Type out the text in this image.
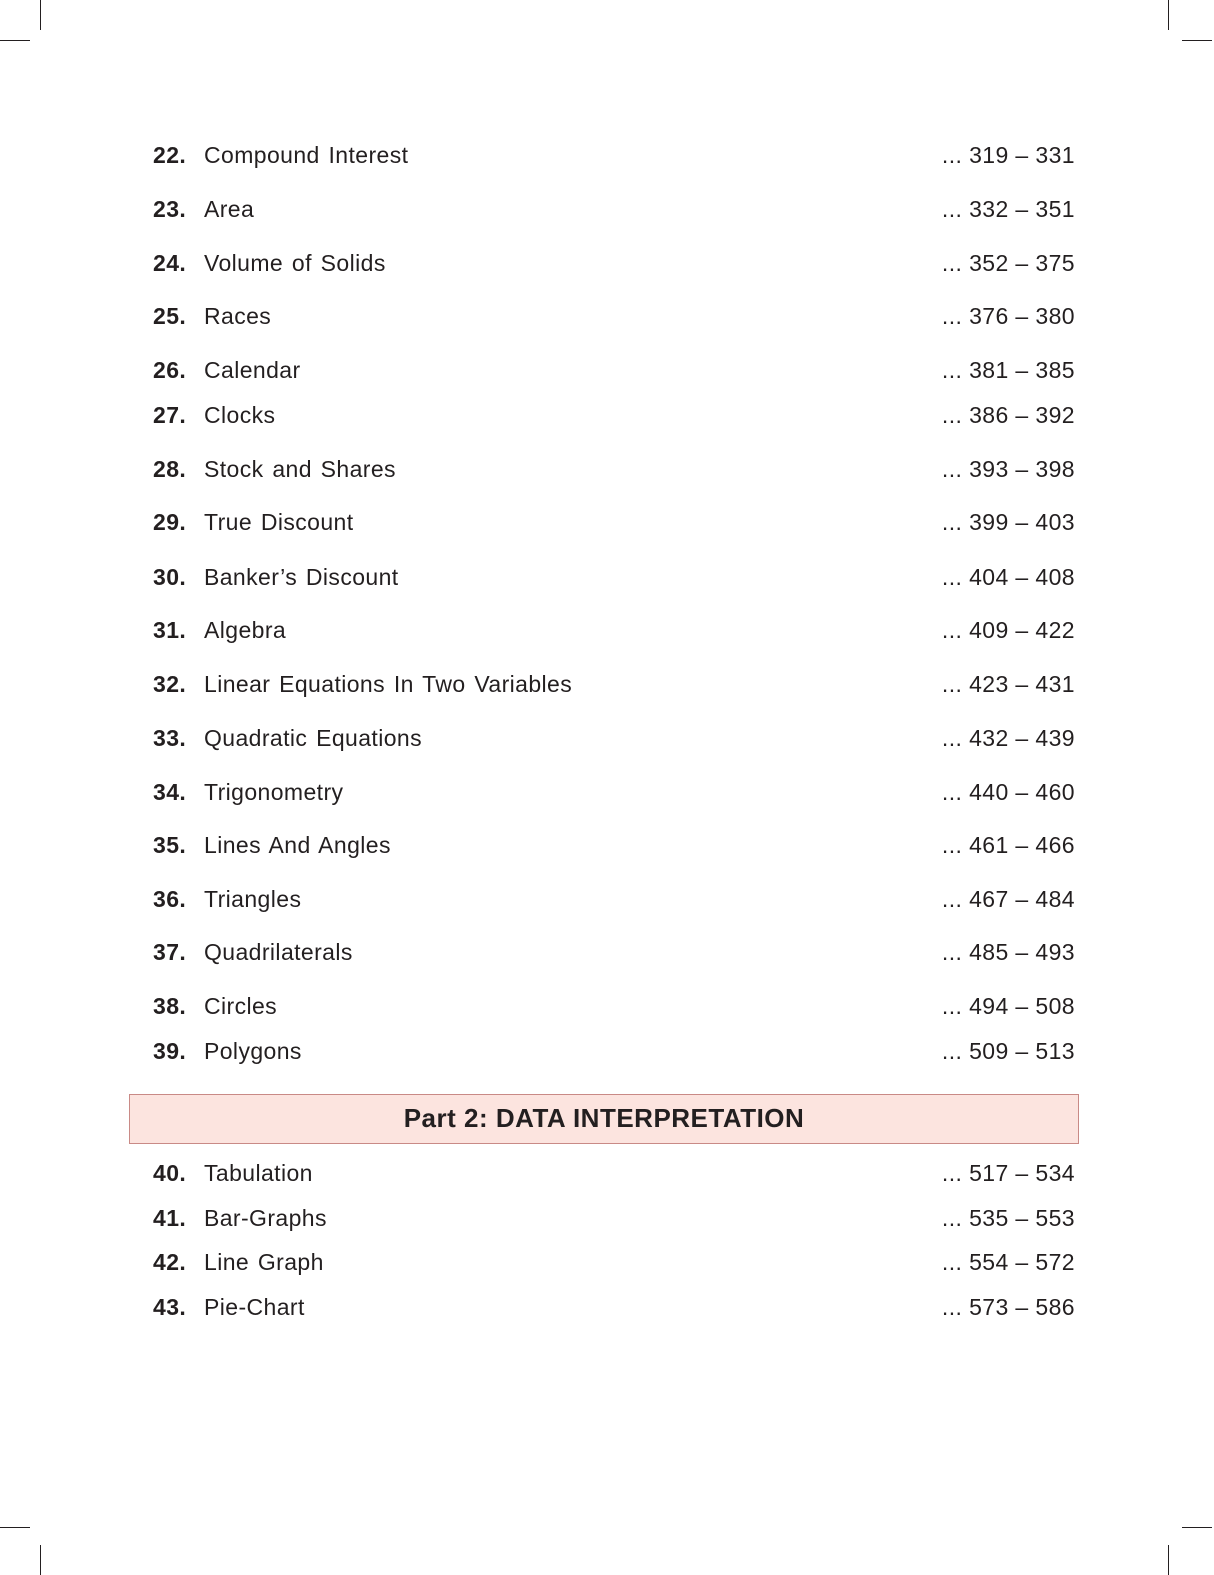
22. Compound Interest	... 319 – 331
23. Area	... 332 – 351
24. Volume of Solids	... 352 – 375
25. Races	... 376 – 380
26. Calendar	... 381 – 385
27. Clocks	... 386 – 392
28. Stock and Shares	... 393 – 398
29. True Discount	... 399 – 403
30. Banker’s Discount	... 404 – 408
31. Algebra	... 409 – 422
32. Linear Equations In Two Variables	... 423 – 431
33. Quadratic Equations	... 432 – 439
34. Trigonometry	... 440 – 460
35. Lines And Angles	... 461 – 466
36. Triangles	... 467 – 484
37. Quadrilaterals	... 485 – 493
38. Circles	... 494 – 508
39. Polygons	... 509 – 513
Part 2: DATA INTERPRETATION
40. Tabulation	... 517 – 534
41. Bar-Graphs	... 535 – 553
42. Line Graph	... 554 – 572
43. Pie-Chart	... 573 – 586
